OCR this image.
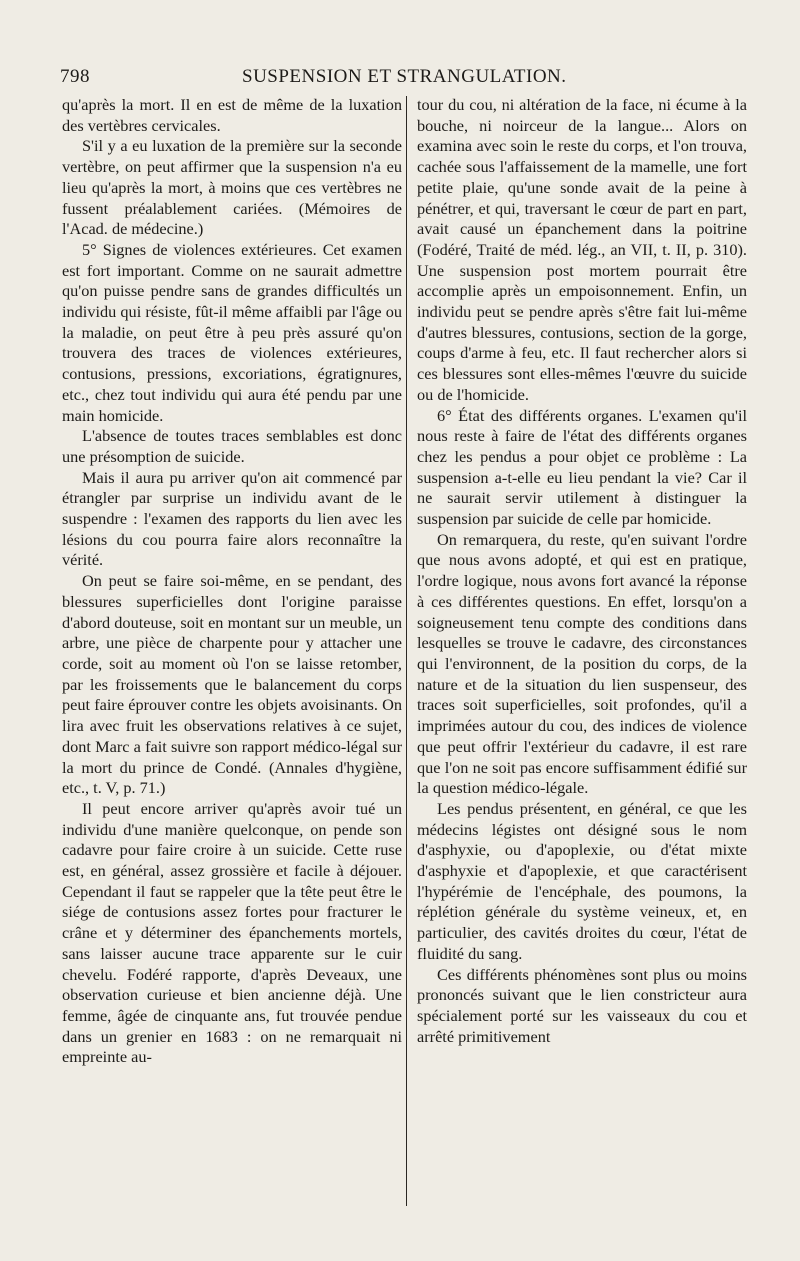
798	SUSPENSION ET STRANGULATION.

qu'après la mort. Il en est de même de la luxation des vertèbres cervicales.

S'il y a eu luxation de la première sur la seconde vertèbre, on peut affirmer que la suspension n'a eu lieu qu'après la mort, à moins que ces vertèbres ne fussent préalablement cariées. (Mémoires de l'Acad. de médecine.)

5° Signes de violences extérieures. Cet examen est fort important. Comme on ne saurait admettre qu'on puisse pendre sans de grandes difficultés un individu qui résiste, fût-il même affaibli par l'âge ou la maladie, on peut être à peu près assuré qu'on trouvera des traces de violences extérieures, contusions, pressions, excoriations, égratignures, etc., chez tout individu qui aura été pendu par une main homicide.

L'absence de toutes traces semblables est donc une présomption de suicide.

Mais il aura pu arriver qu'on ait commencé par étrangler par surprise un individu avant de le suspendre : l'examen des rapports du lien avec les lésions du cou pourra faire alors reconnaître la vérité.

On peut se faire soi-même, en se pendant, des blessures superficielles dont l'origine paraisse d'abord douteuse, soit en montant sur un meuble, un arbre, une pièce de charpente pour y attacher une corde, soit au moment où l'on se laisse retomber, par les froissements que le balancement du corps peut faire éprouver contre les objets avoisinants. On lira avec fruit les observations relatives à ce sujet, dont Marc a fait suivre son rapport médico-légal sur la mort du prince de Condé. (Annales d'hygiène, etc., t. V, p. 71.)

Il peut encore arriver qu'après avoir tué un individu d'une manière quelconque, on pende son cadavre pour faire croire à un suicide. Cette ruse est, en général, assez grossière et facile à déjouer. Cependant il faut se rappeler que la tête peut être le siége de contusions assez fortes pour fracturer le crâne et y déterminer des épanchements mortels, sans laisser aucune trace apparente sur le cuir chevelu. Fodéré rapporte, d'après Deveaux, une observation curieuse et bien ancienne déjà. Une femme, âgée de cinquante ans, fut trouvée pendue dans un grenier en 1683 : on ne remarquait ni empreinte au-

tour du cou, ni altération de la face, ni écume à la bouche, ni noirceur de la langue... Alors on examina avec soin le reste du corps, et l'on trouva, cachée sous l'affaissement de la mamelle, une fort petite plaie, qu'une sonde avait de la peine à pénétrer, et qui, traversant le cœur de part en part, avait causé un épanchement dans la poitrine (Fodéré, Traité de méd. lég., an VII, t. II, p. 310). Une suspension post mortem pourrait être accomplie après un empoisonnement. Enfin, un individu peut se pendre après s'être fait lui-même d'autres blessures, contusions, section de la gorge, coups d'arme à feu, etc. Il faut rechercher alors si ces blessures sont elles-mêmes l'œuvre du suicide ou de l'homicide.

6° État des différents organes. L'examen qu'il nous reste à faire de l'état des différents organes chez les pendus a pour objet ce problème : La suspension a-t-elle eu lieu pendant la vie? Car il ne saurait servir utilement à distinguer la suspension par suicide de celle par homicide.

On remarquera, du reste, qu'en suivant l'ordre que nous avons adopté, et qui est en pratique, l'ordre logique, nous avons fort avancé la réponse à ces différentes questions. En effet, lorsqu'on a soigneusement tenu compte des conditions dans lesquelles se trouve le cadavre, des circonstances qui l'environnent, de la position du corps, de la nature et de la situation du lien suspenseur, des traces soit superficielles, soit profondes, qu'il a imprimées autour du cou, des indices de violence que peut offrir l'extérieur du cadavre, il est rare que l'on ne soit pas encore suffisamment édifié sur la question médico-légale.

Les pendus présentent, en général, ce que les médecins légistes ont désigné sous le nom d'asphyxie, ou d'apoplexie, ou d'état mixte d'asphyxie et d'apoplexie, et que caractérisent l'hypérémie de l'encéphale, des poumons, la réplétion générale du système veineux, et, en particulier, des cavités droites du cœur, l'état de fluidité du sang.

Ces différents phénomènes sont plus ou moins prononcés suivant que le lien constricteur aura spécialement porté sur les vaisseaux du cou et arrêté primitivement
